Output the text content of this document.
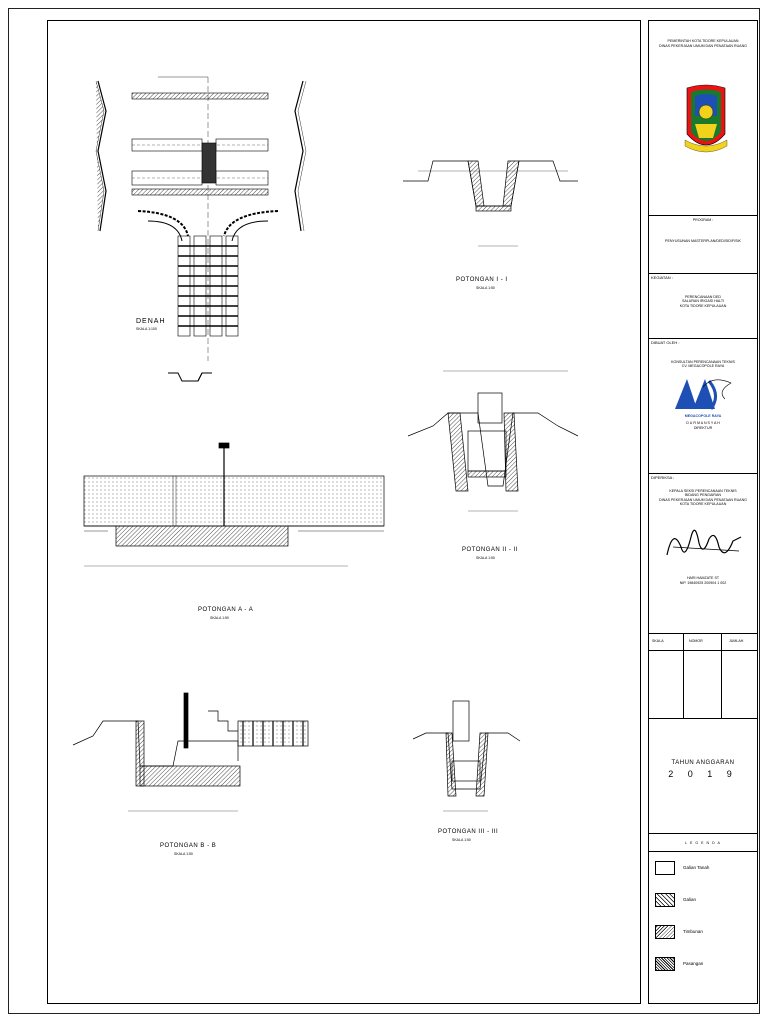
DENAH
SKALA 1:100
POTONGAN I - I
SKALA 1:50
POTONGAN II - II
SKALA 1:50
POTONGAN A - A
SKALA 1:50
POTONGAN B - B
SKALA 1:50
POTONGAN III - III
SKALA 1:50
PEMERINTAH KOTA TIDORE KEPULAUAN
DINAS PEKERJAAN UMUM DAN PENATAAN RUANG
PROGRAM :
PENYUSUNAN MASTERPLAN/DED/SID/FISIK
KEGIATAN :
PERENCANAAN DED
SALURAN IRIGASI HALTI
KOTA TIDORE KEPULAUAN
DIBUAT OLEH :
KONSULTAN PERENCANAAN TEKNIS
CV. MEGACOPOLE RAYA
MEGACOPOLE RAYA
D U R M A N S Y A H
DIREKTUR
DIPERIKSA :
KEPALA SEKSI PERENCANAAN TEKNIS
BIDANG PENGAIRAN
DINAS PEKERJAAN UMUM DAN PENATAAN RUANG
KOTA TIDORE KEPULAUAN
HARI HAMZATE ST
NIP. 19840925 200904 1 002
SKALA	NOMOR	JUMLAH
TAHUN ANGGARAN
2 0 1 9
L E G E N D A
Galian Tanah
Galian
Timbunan
Pasangan
